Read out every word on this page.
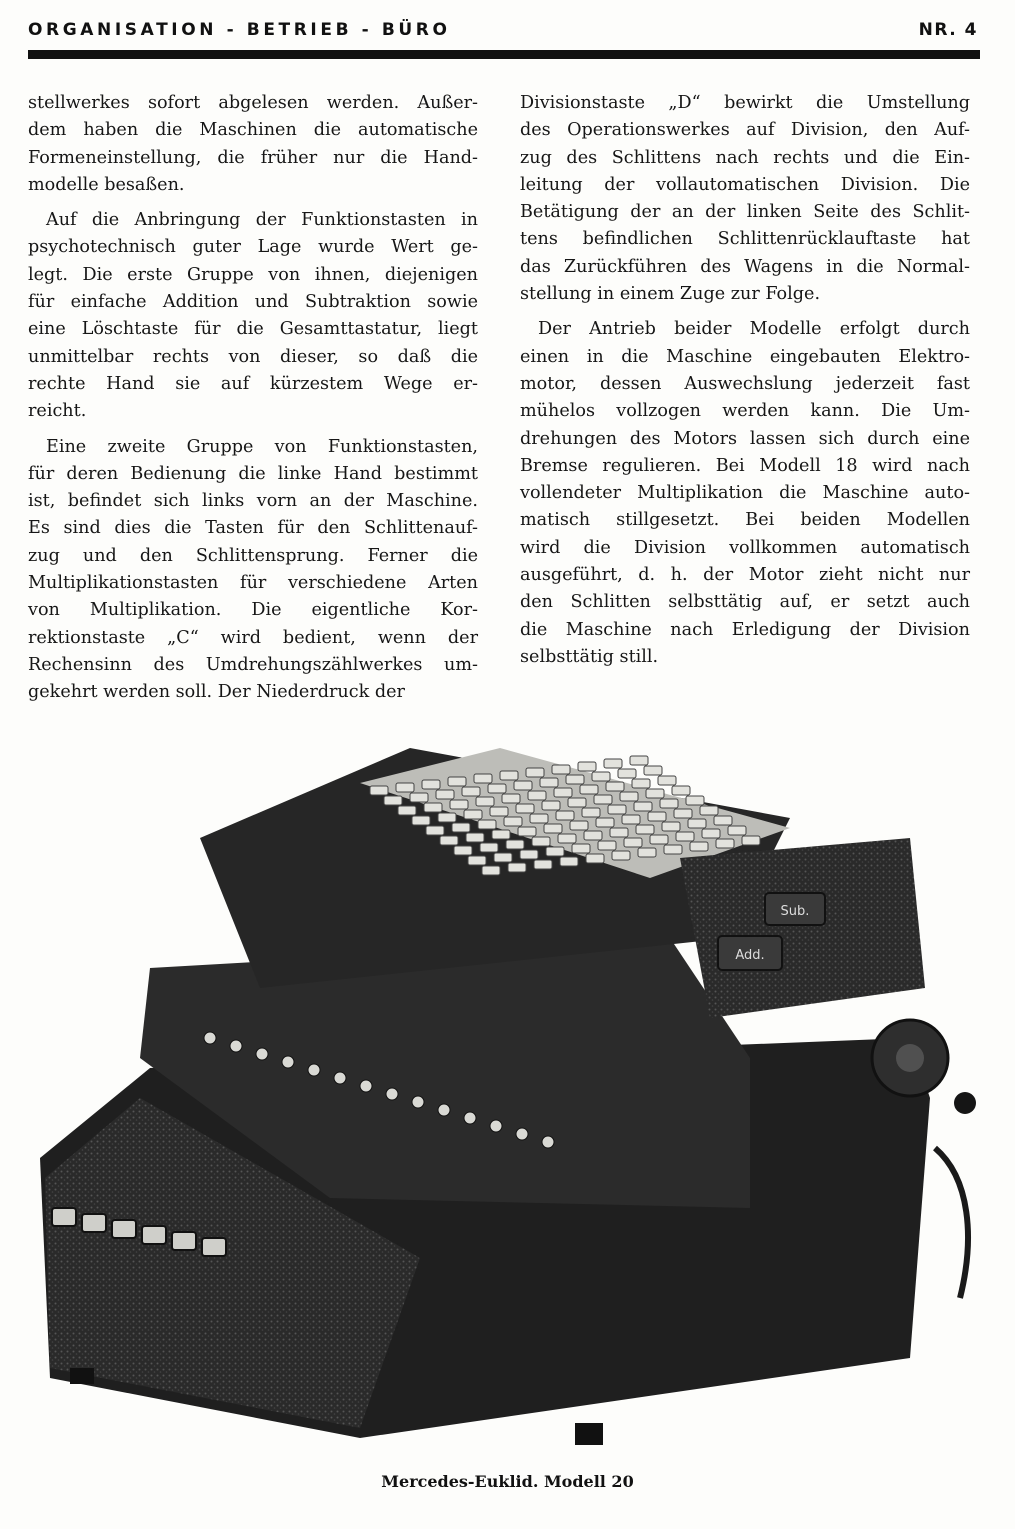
ORGANISATION - BETRIEB - BÜRO	NR. 4

stellwerkes sofort abgelesen werden. Außer-
dem haben die Maschinen die automatische
Formeneinstellung, die früher nur die Hand-
modelle besaßen.

Auf die Anbringung der Funktionstasten in
psychotechnisch guter Lage wurde Wert ge-
legt. Die erste Gruppe von ihnen, diejenigen
für einfache Addition und Subtraktion sowie
eine Löschtaste für die Gesamttastatur, liegt
unmittelbar rechts von dieser, so daß die
rechte Hand sie auf kürzestem Wege er-
reicht.

Eine zweite Gruppe von Funktionstasten,
für deren Bedienung die linke Hand bestimmt
ist, befindet sich links vorn an der Maschine.
Es sind dies die Tasten für den Schlittenauf-
zug und den Schlittensprung. Ferner die
Multiplikationstasten für verschiedene Arten
von Multiplikation. Die eigentliche Kor-
rektionstaste „C“ wird bedient, wenn der
Rechensinn des Umdrehungszählwerkes um-
gekehrt werden soll. Der Niederdruck der

Divisionstaste „D“ bewirkt die Umstellung
des Operationswerkes auf Division, den Auf-
zug des Schlittens nach rechts und die Ein-
leitung der vollautomatischen Division. Die
Betätigung der an der linken Seite des Schlit-
tens befindlichen Schlittenrücklauftaste hat
das Zurückführen des Wagens in die Normal-
stellung in einem Zuge zur Folge.

Der Antrieb beider Modelle erfolgt durch
einen in die Maschine eingebauten Elektro-
motor, dessen Auswechslung jederzeit fast
mühelos vollzogen werden kann. Die Um-
drehungen des Motors lassen sich durch eine
Bremse regulieren. Bei Modell 18 wird nach
vollendeter Multiplikation die Maschine auto-
matisch stillgesetzt. Bei beiden Modellen
wird die Division vollkommen automatisch
ausgeführt, d. h. der Motor zieht nicht nur
den Schlitten selbsttätig auf, er setzt auch
die Maschine nach Erledigung der Division
selbsttätig still.

Sub.
Add.
Mercedes-Euklid. Modell 20
